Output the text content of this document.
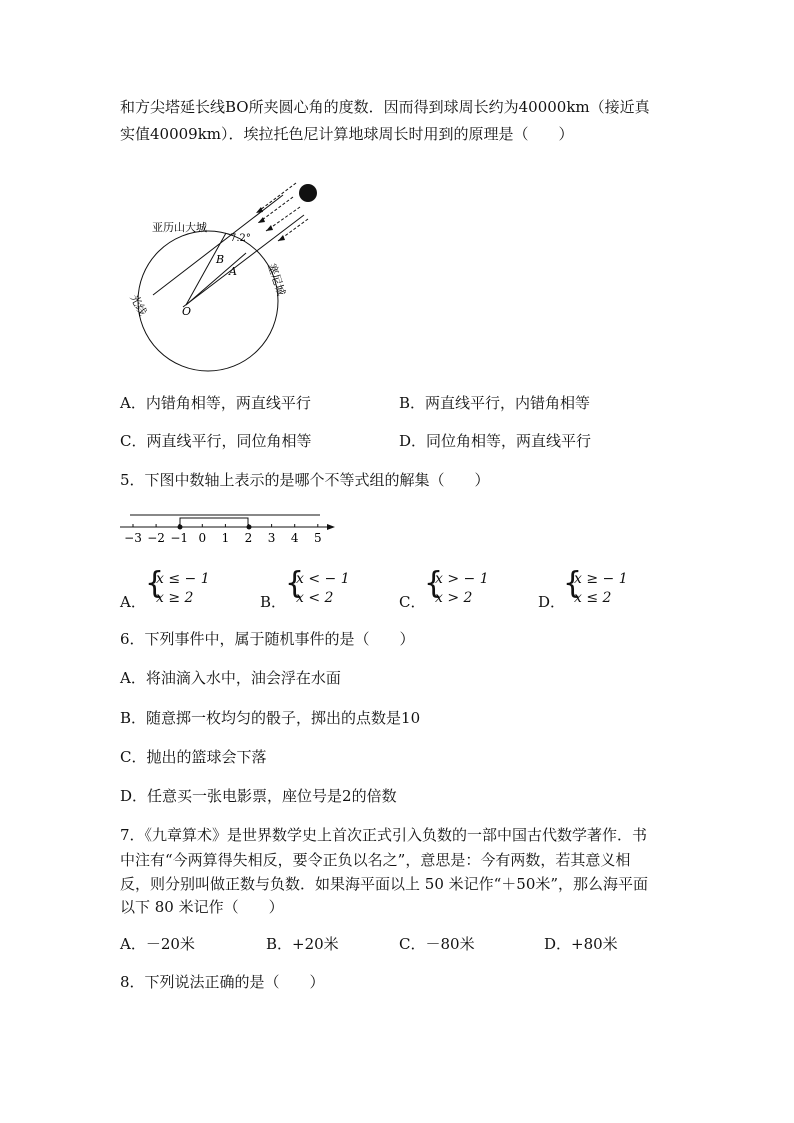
和方尖塔延长线BO所夹圆心角的度数．因而得到球周长约为40000km（接近真
实值40009km）．埃拉托色尼计算地球周长时用到的原理是（　　）
亚历山大城
7.2°
B
A
O
光线
塞尼城
A．内错角相等，两直线平行	B．两直线平行，内错角相等
C．两直线平行，同位角相等	D．同位角相等，两直线平行
5．下图中数轴上表示的是哪个不等式组的解集（　　）
−3 −2 −1 0 1 2 3 4 5
A．
{
x ≤ − 1
x ≥ 2	B．
{
x < − 1
x < 2	C．
{
x > − 1
x > 2	D．
{
x ≥ − 1
x ≤ 2
6．下列事件中，属于随机事件的是（　　）
A．将油滴入水中，油会浮在水面
B．随意掷一枚均匀的骰子，掷出的点数是10
C．抛出的篮球会下落
D．任意买一张电影票，座位号是2的倍数
7．《九章算术》是世界数学史上首次正式引入负数的一部中国古代数学著作．书
中注有“今两算得失相反，要令正负以名之”，意思是：今有两数，若其意义相
反，则分别叫做正数与负数．如果海平面以上 50 米记作“＋50米”，那么海平面
以下 80 米记作（　　）
A．－20米	B．+20米	C．－80米	D．+80米
8．下列说法正确的是（　　）
